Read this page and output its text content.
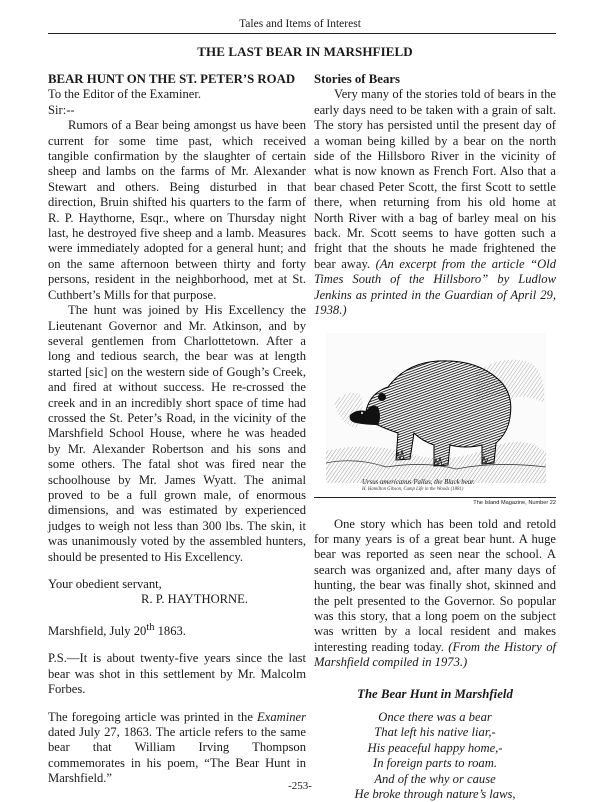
Tales and Items of Interest
THE LAST BEAR IN MARSHFIELD

BEAR HUNT ON THE ST. PETER’S ROAD

To the Editor of the Examiner.

Sir:--

Rumors of a Bear being amongst us have been current for some time past, which received tangible confirmation by the slaughter of certain sheep and lambs on the farms of Mr. Alexander Stewart and others. Being disturbed in that direction, Bruin shifted his quarters to the farm of R. P. Haythorne, Esqr., where on Thursday night last, he destroyed five sheep and a lamb. Measures were immediately adopted for a general hunt; and on the same afternoon between thirty and forty persons, resident in the neighborhood, met at St. Cuthbert’s Mills for that purpose.

The hunt was joined by His Excellency the Lieutenant Governor and Mr. Atkinson, and by several gentlemen from Charlottetown. After a long and tedious search, the bear was at length started [sic] on the western side of Gough’s Creek, and fired at without success. He re-crossed the creek and in an incredibly short space of time had crossed the St. Peter’s Road, in the vicinity of the Marshfield School House, where he was headed by Mr. Alexander Robertson and his sons and some others. The fatal shot was fired near the schoolhouse by Mr. James Wyatt. The animal proved to be a full grown male, of enormous dimensions, and was estimated by experienced judges to weigh not less than 300 lbs. The skin, it was unanimously voted by the assembled hunters, should be presented to His Excellency.

Your obedient servant,

R. P. HAYTHORNE.

Marshfield, July 20th 1863.

P.S.—It is about twenty-five years since the last bear was shot in this settlement by Mr. Malcolm Forbes.

The foregoing article was printed in the Examiner dated July 27, 1863. The article refers to the same bear that William Irving Thompson commemorates in his poem, “The Bear Hunt in Marshfield.”

Stories of Bears

Very many of the stories told of bears in the early days need to be taken with a grain of salt. The story has persisted until the present day of a woman being killed by a bear on the north side of the Hillsboro River in the vicinity of what is now known as French Fort. Also that a bear chased Peter Scott, the first Scott to settle there, when returning from his old home at North River with a bag of barley meal on his back. Mr. Scott seems to have gotten such a fright that the shouts he made frightened the bear away. (An excerpt from the article “Old Times South of the Hillsboro” by Ludlow Jenkins as printed in the Guardian of April 29, 1938.)

Ursus americanus Pallas, the Black bear.
H. Hamilton Gibson, Camp Life in the Woods (1881)
The Island Magazine, Number 22

One story which has been told and retold for many years is of a great bear hunt. A huge bear was reported as seen near the school. A search was organized and, after many days of hunting, the bear was finally shot, skinned and the pelt presented to the Governor. So popular was this story, that a long poem on the subject was written by a local resident and makes interesting reading today. (From the History of Marshfield compiled in 1973.)

The Bear Hunt in Marshfield
Once there was a bear
That left his native liar,-
His peaceful happy home,-
In foreign parts to roam.
And of the why or cause
He broke through nature’s laws,
-253-
